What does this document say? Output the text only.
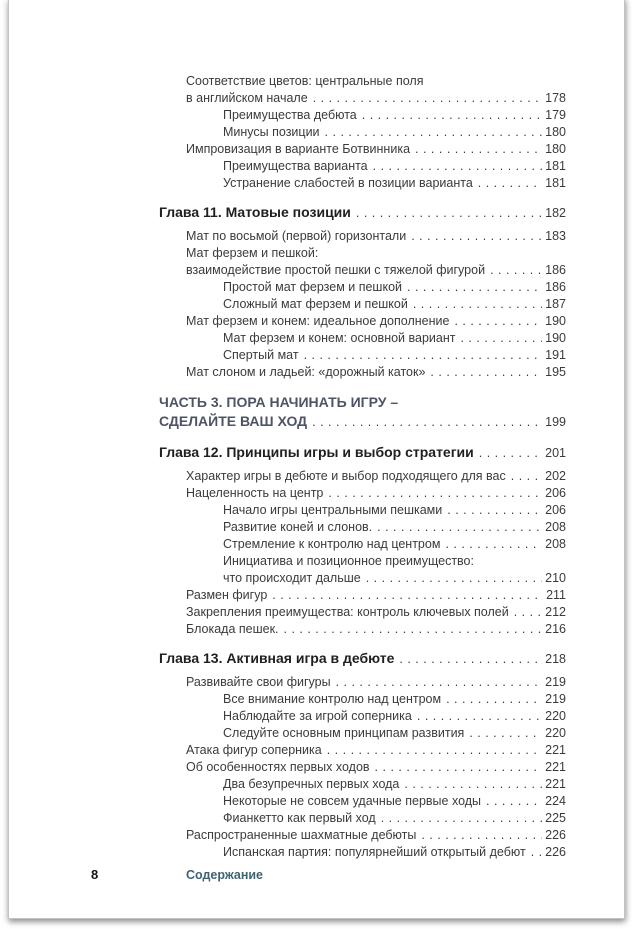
Соответствие цветов: центральные поля
в английском начале . . .	178
Преимущества дебюта . . .	179
Минусы позиции . . .	180
Импровизация в варианте Ботвинника . . .	180
Преимущества варианта . . .	181
Устранение слабостей в позиции варианта . . .	181
Глава 11. Матовые позиции . . .	182
Мат по восьмой (первой) горизонтали . . .	183
Мат ферзем и пешкой:
взаимодействие простой пешки с тяжелой фигурой . . .	186
Простой мат ферзем и пешкой . . .	186
Сложный мат ферзем и пешкой . . .	187
Мат ферзем и конем: идеальное дополнение . . .	190
Мат ферзем и конем: основной вариант . . .	190
Спертый мат . . .	191
Мат слоном и ладьей: «дорожный каток» . . .	195
ЧАСТЬ 3. ПОРА НАЧИНАТЬ ИГРУ –
СДЕЛАЙТЕ ВАШ ХОД . . .	199
Глава 12. Принципы игры и выбор стратегии . . .	201
Характер игры в дебюте и выбор подходящего для вас . . .	202
Нацеленность на центр . . .	206
Начало игры центральными пешками . . .	206
Развитие коней и слонов. . . .	208
Стремление к контролю над центром . . .	208
Инициатива и позиционное преимущество:
что происходит дальше . . .	210
Размен фигур . . .	211
Закрепления преимущества: контроль ключевых полей . . .	212
Блокада пешек. . . .	216
Глава 13. Активная игра в дебюте . . .	218
Развивайте свои фигуры . . .	219
Все внимание контролю над центром . . .	219
Наблюдайте за игрой соперника . . .	220
Следуйте основным принципам развития . . .	220
Атака фигур соперника . . .	221
Об особенностях первых ходов . . .	221
Два безупречных первых хода . . .	221
Некоторые не совсем удачные первые ходы . . .	224
Фианкетто как первый ход . . .	225
Распространенные шахматные дебюты . . .	226
Испанская партия: популярнейший открытый дебют . . . 226
8	Содержание
